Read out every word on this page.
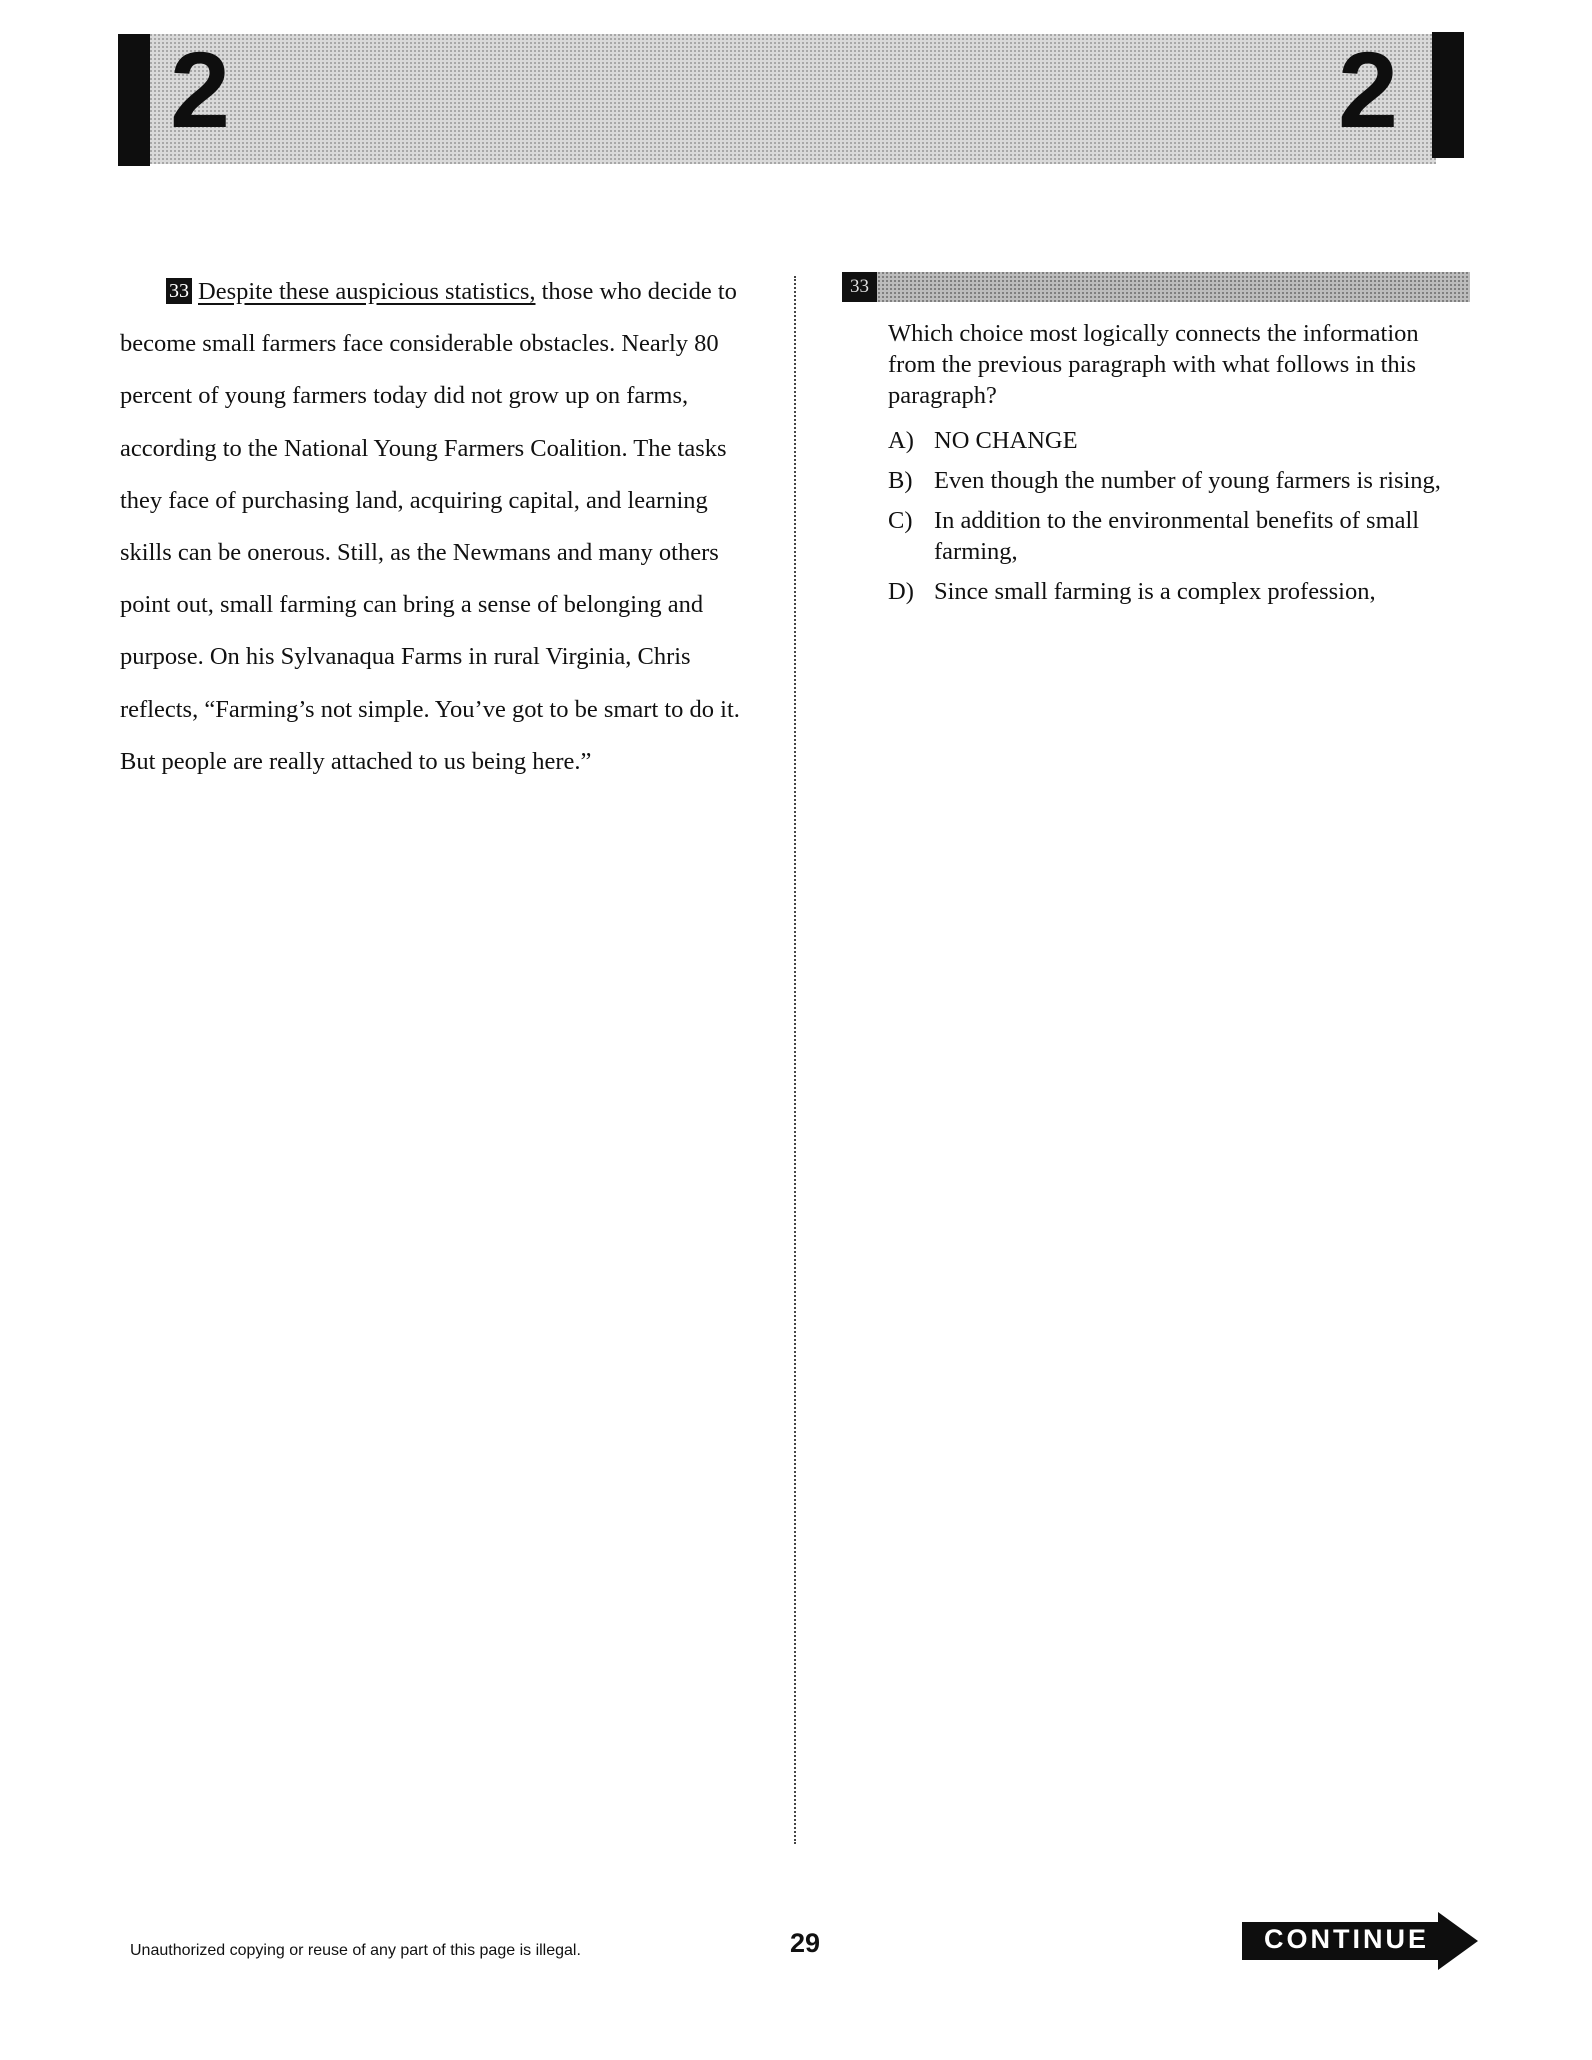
2	2

33 Despite these auspicious statistics, those who decide to become small farmers face considerable obstacles. Nearly 80 percent of young farmers today did not grow up on farms, according to the National Young Farmers Coalition. The tasks they face of purchasing land, acquiring capital, and learning skills can be onerous. Still, as the Newmans and many others point out, small farming can bring a sense of belonging and purpose. On his Sylvanaqua Farms in rural Virginia, Chris reflects, “Farming’s not simple. You’ve got to be smart to do it. But people are really attached to us being here.”

33

Which choice most logically connects the information from the previous paragraph with what follows in this paragraph?

A) NO CHANGE
B) Even though the number of young farmers is rising,
C) In addition to the environmental benefits of small farming,
D) Since small farming is a complex profession,
Unauthorized copying or reuse of any part of this page is illegal.	29	CONTINUE
